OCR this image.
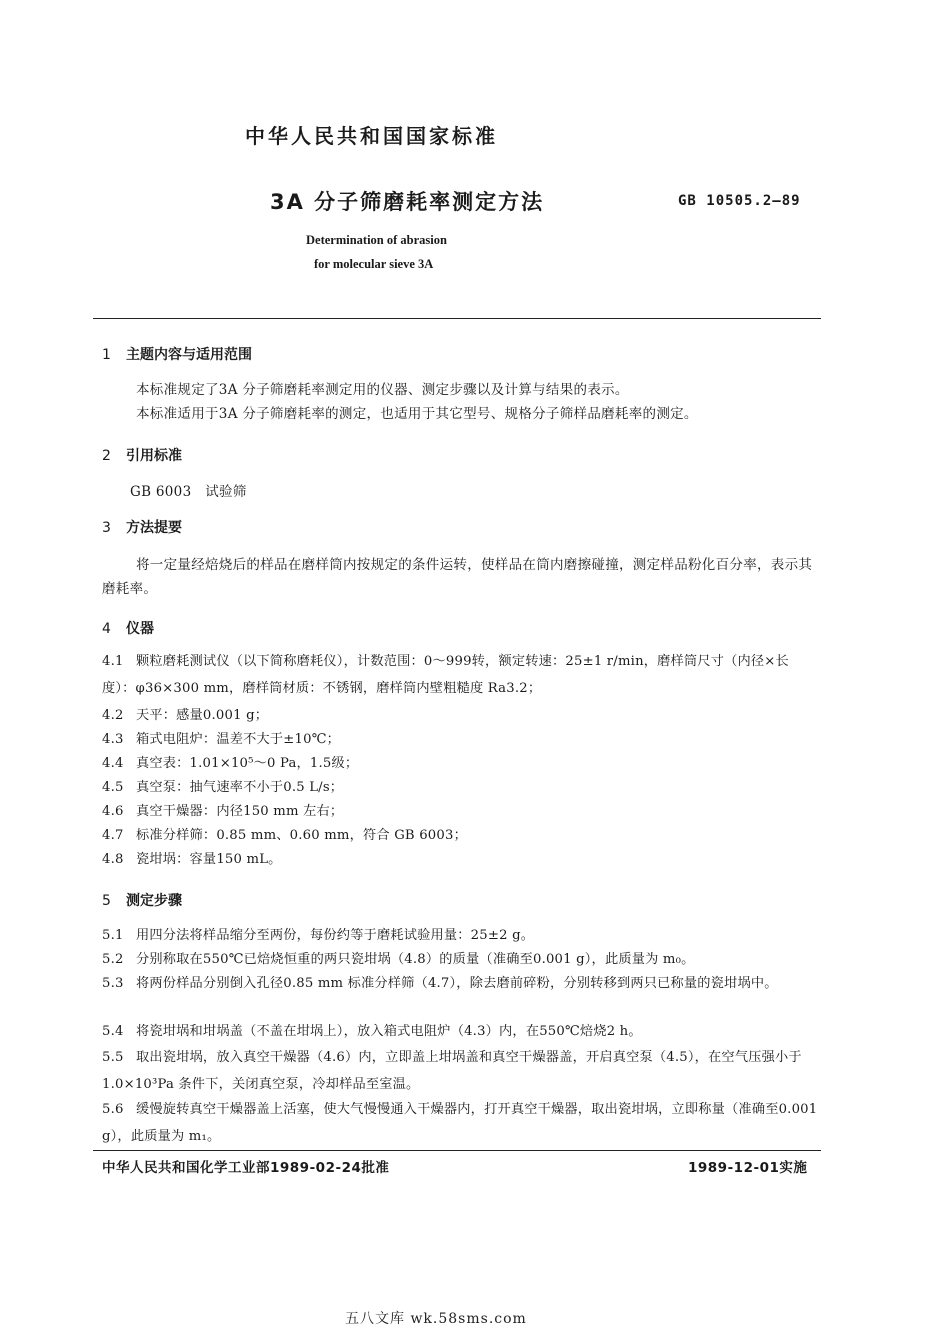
中华人民共和国国家标准
3A 分子筛磨耗率测定方法	GB 10505.2—89
Determination of abrasion
for molecular sieve 3A
1 主题内容与适用范围
本标准规定了3A 分子筛磨耗率测定用的仪器、测定步骤以及计算与结果的表示。
本标准适用于3A 分子筛磨耗率的测定，也适用于其它型号、规格分子筛样品磨耗率的测定。
2 引用标准
GB 6003　试验筛
3 方法提要
将一定量经焙烧后的样品在磨样筒内按规定的条件运转，使样品在筒内磨擦碰撞，测定样品粉化百分率，表示其磨耗率。
4 仪器
4.1 颗粒磨耗测试仪（以下简称磨耗仪），计数范围：0～999转，额定转速：25±1 r/min，磨样筒尺寸（内径×长度）：φ36×300 mm，磨样筒材质：不锈钢，磨样筒内壁粗糙度 Ra3.2；
4.2 天平：感量0.001 g；
4.3 箱式电阻炉：温差不大于±10℃；
4.4 真空表：1.01×10⁵～0 Pa，1.5级；
4.5 真空泵：抽气速率不小于0.5 L/s；
4.6 真空干燥器：内径150 mm 左右；
4.7 标准分样筛：0.85 mm、0.60 mm，符合 GB 6003；
4.8 瓷坩埚：容量150 mL。
5 测定步骤
5.1 用四分法将样品缩分至两份，每份约等于磨耗试验用量：25±2 g。
5.2 分别称取在550℃已焙烧恒重的两只瓷坩埚（4.8）的质量（准确至0.001 g），此质量为 m₀。
5.3 将两份样品分别倒入孔径0.85 mm 标准分样筛（4.7），除去磨前碎粉，分别转移到两只已称量的瓷坩埚中。
5.4 将瓷坩埚和坩埚盖（不盖在坩埚上），放入箱式电阻炉（4.3）内，在550℃焙烧2 h。
5.5 取出瓷坩埚，放入真空干燥器（4.6）内，立即盖上坩埚盖和真空干燥器盖，开启真空泵（4.5），在空气压强小于1.0×10³Pa 条件下，关闭真空泵，冷却样品至室温。
5.6 缓慢旋转真空干燥器盖上活塞，使大气慢慢通入干燥器内，打开真空干燥器，取出瓷坩埚，立即称量（准确至0.001 g），此质量为 m₁。
中华人民共和国化学工业部1989-02-24批准	1989-12-01实施
五八文库 wk.58sms.com
